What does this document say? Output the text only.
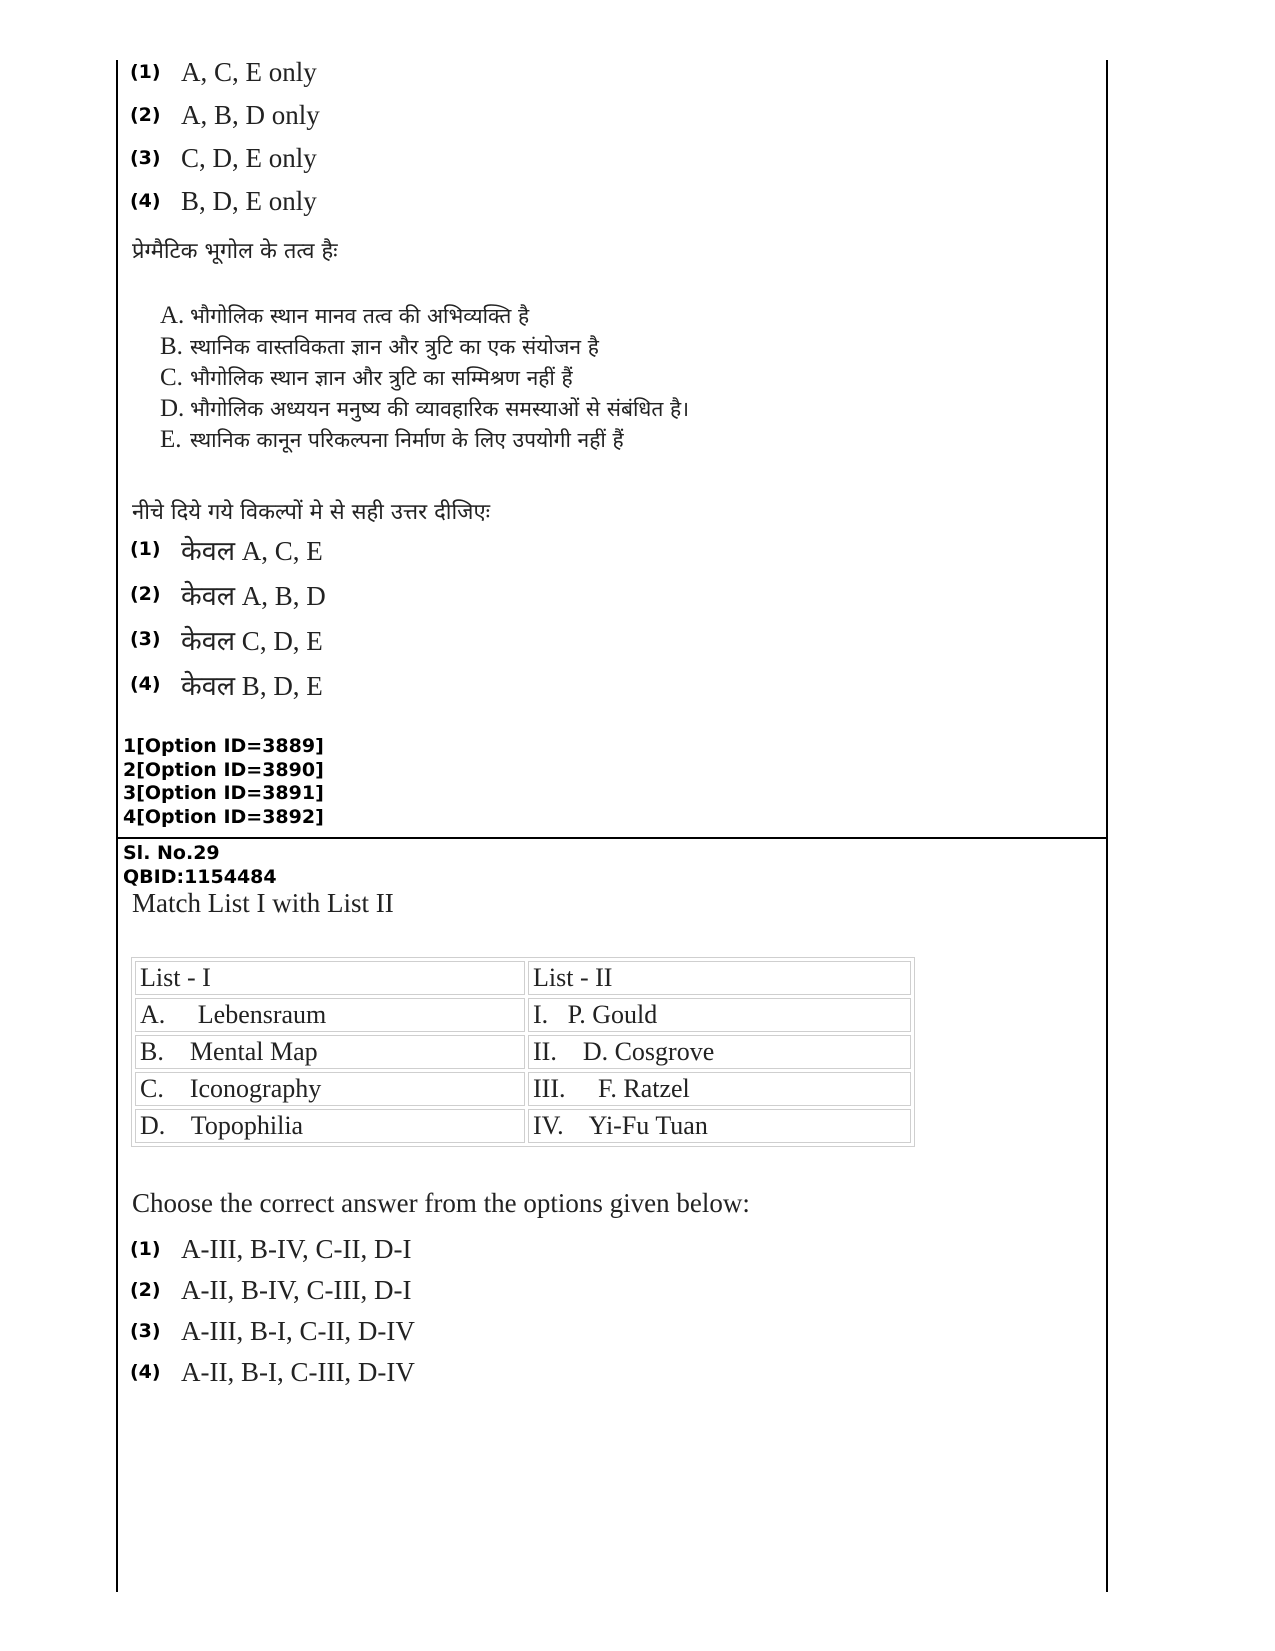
(1) A, C, E only
(2) A, B, D only
(3) C, D, E only
(4) B, D, E only
प्रेग्मैटिक भूगोल के तत्व हैः
A. भौगोलिक स्थान मानव तत्व की अभिव्यक्ति है
B. स्थानिक वास्तविकता ज्ञान और त्रुटि का एक संयोजन है
C. भौगोलिक स्थान ज्ञान और त्रुटि का सम्मिश्रण नहीं हैं
D. भौगोलिक अध्ययन मनुष्य की व्यावहारिक समस्याओं से संबंधित है।
E. स्थानिक कानून परिकल्पना निर्माण के लिए उपयोगी नहीं हैं
नीचे दिये गये विकल्पों मे से सही उत्तर दीजिएः
(1) केवल A, C, E
(2) केवल A, B, D
(3) केवल C, D, E
(4) केवल B, D, E
1[Option ID=3889]
2[Option ID=3890]
3[Option ID=3891]
4[Option ID=3892]
Sl. No.29
QBID:1154484
Match List I with List II
List - I	List - II
A.     Lebensraum	I.   P. Gould
B.    Mental Map	II.    D. Cosgrove
C.    Iconography	III.     F. Ratzel
D.    Topophilia	IV.    Yi-Fu Tuan
Choose the correct answer from the options given below:
(1) A-III, B-IV, C-II, D-I
(2) A-II, B-IV, C-III, D-I
(3) A-III, B-I, C-II, D-IV
(4) A-II, B-I, C-III, D-IV
